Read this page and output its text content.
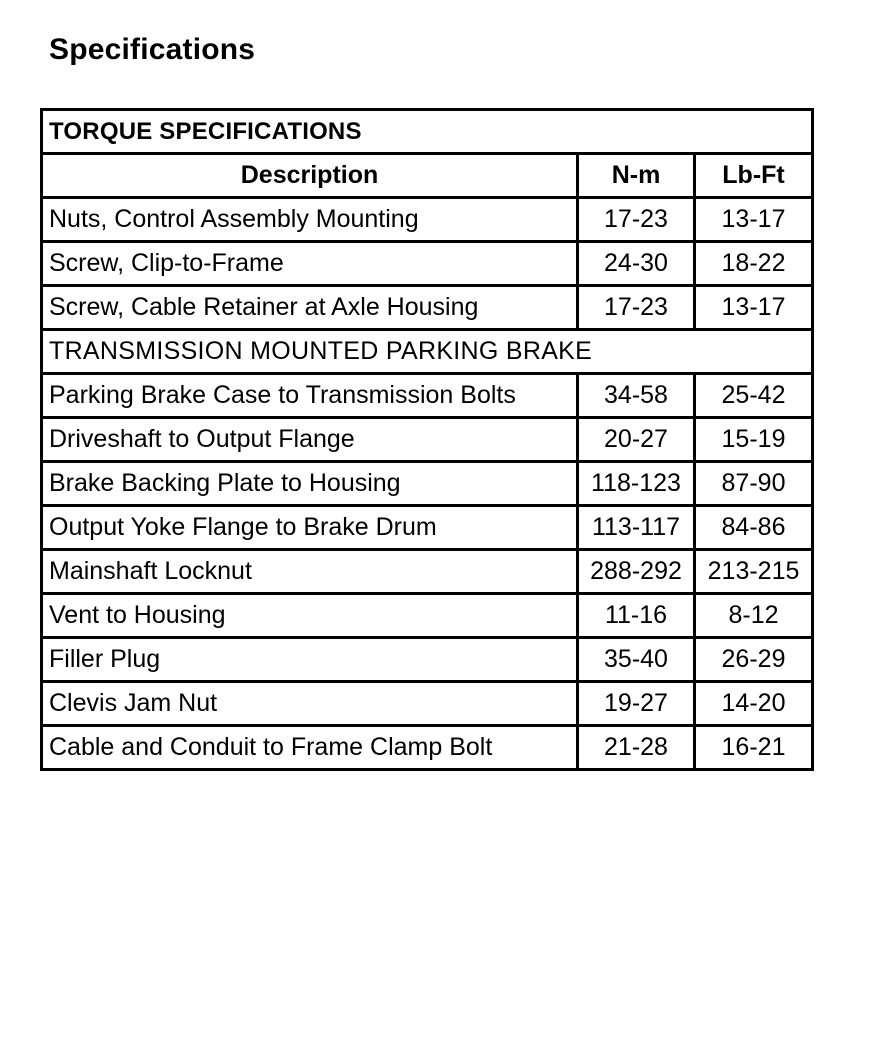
Specifications
TORQUE SPECIFICATIONS		
Description	N-m	Lb-Ft
Nuts, Control Assembly Mounting	17-23	13-17
Screw, Clip-to-Frame	24-30	18-22
Screw, Cable Retainer at Axle Housing	17-23	13-17
TRANSMISSION MOUNTED PARKING BRAKE		
Parking Brake Case to Transmission Bolts	34-58	25-42
Driveshaft to Output Flange	20-27	15-19
Brake Backing Plate to Housing	118-123	87-90
Output Yoke Flange to Brake Drum	113-117	84-86
Mainshaft Locknut	288-292	213-215
Vent to Housing	11-16	8-12
Filler Plug	35-40	26-29
Clevis Jam Nut	19-27	14-20
Cable and Conduit to Frame Clamp Bolt	21-28	16-21
